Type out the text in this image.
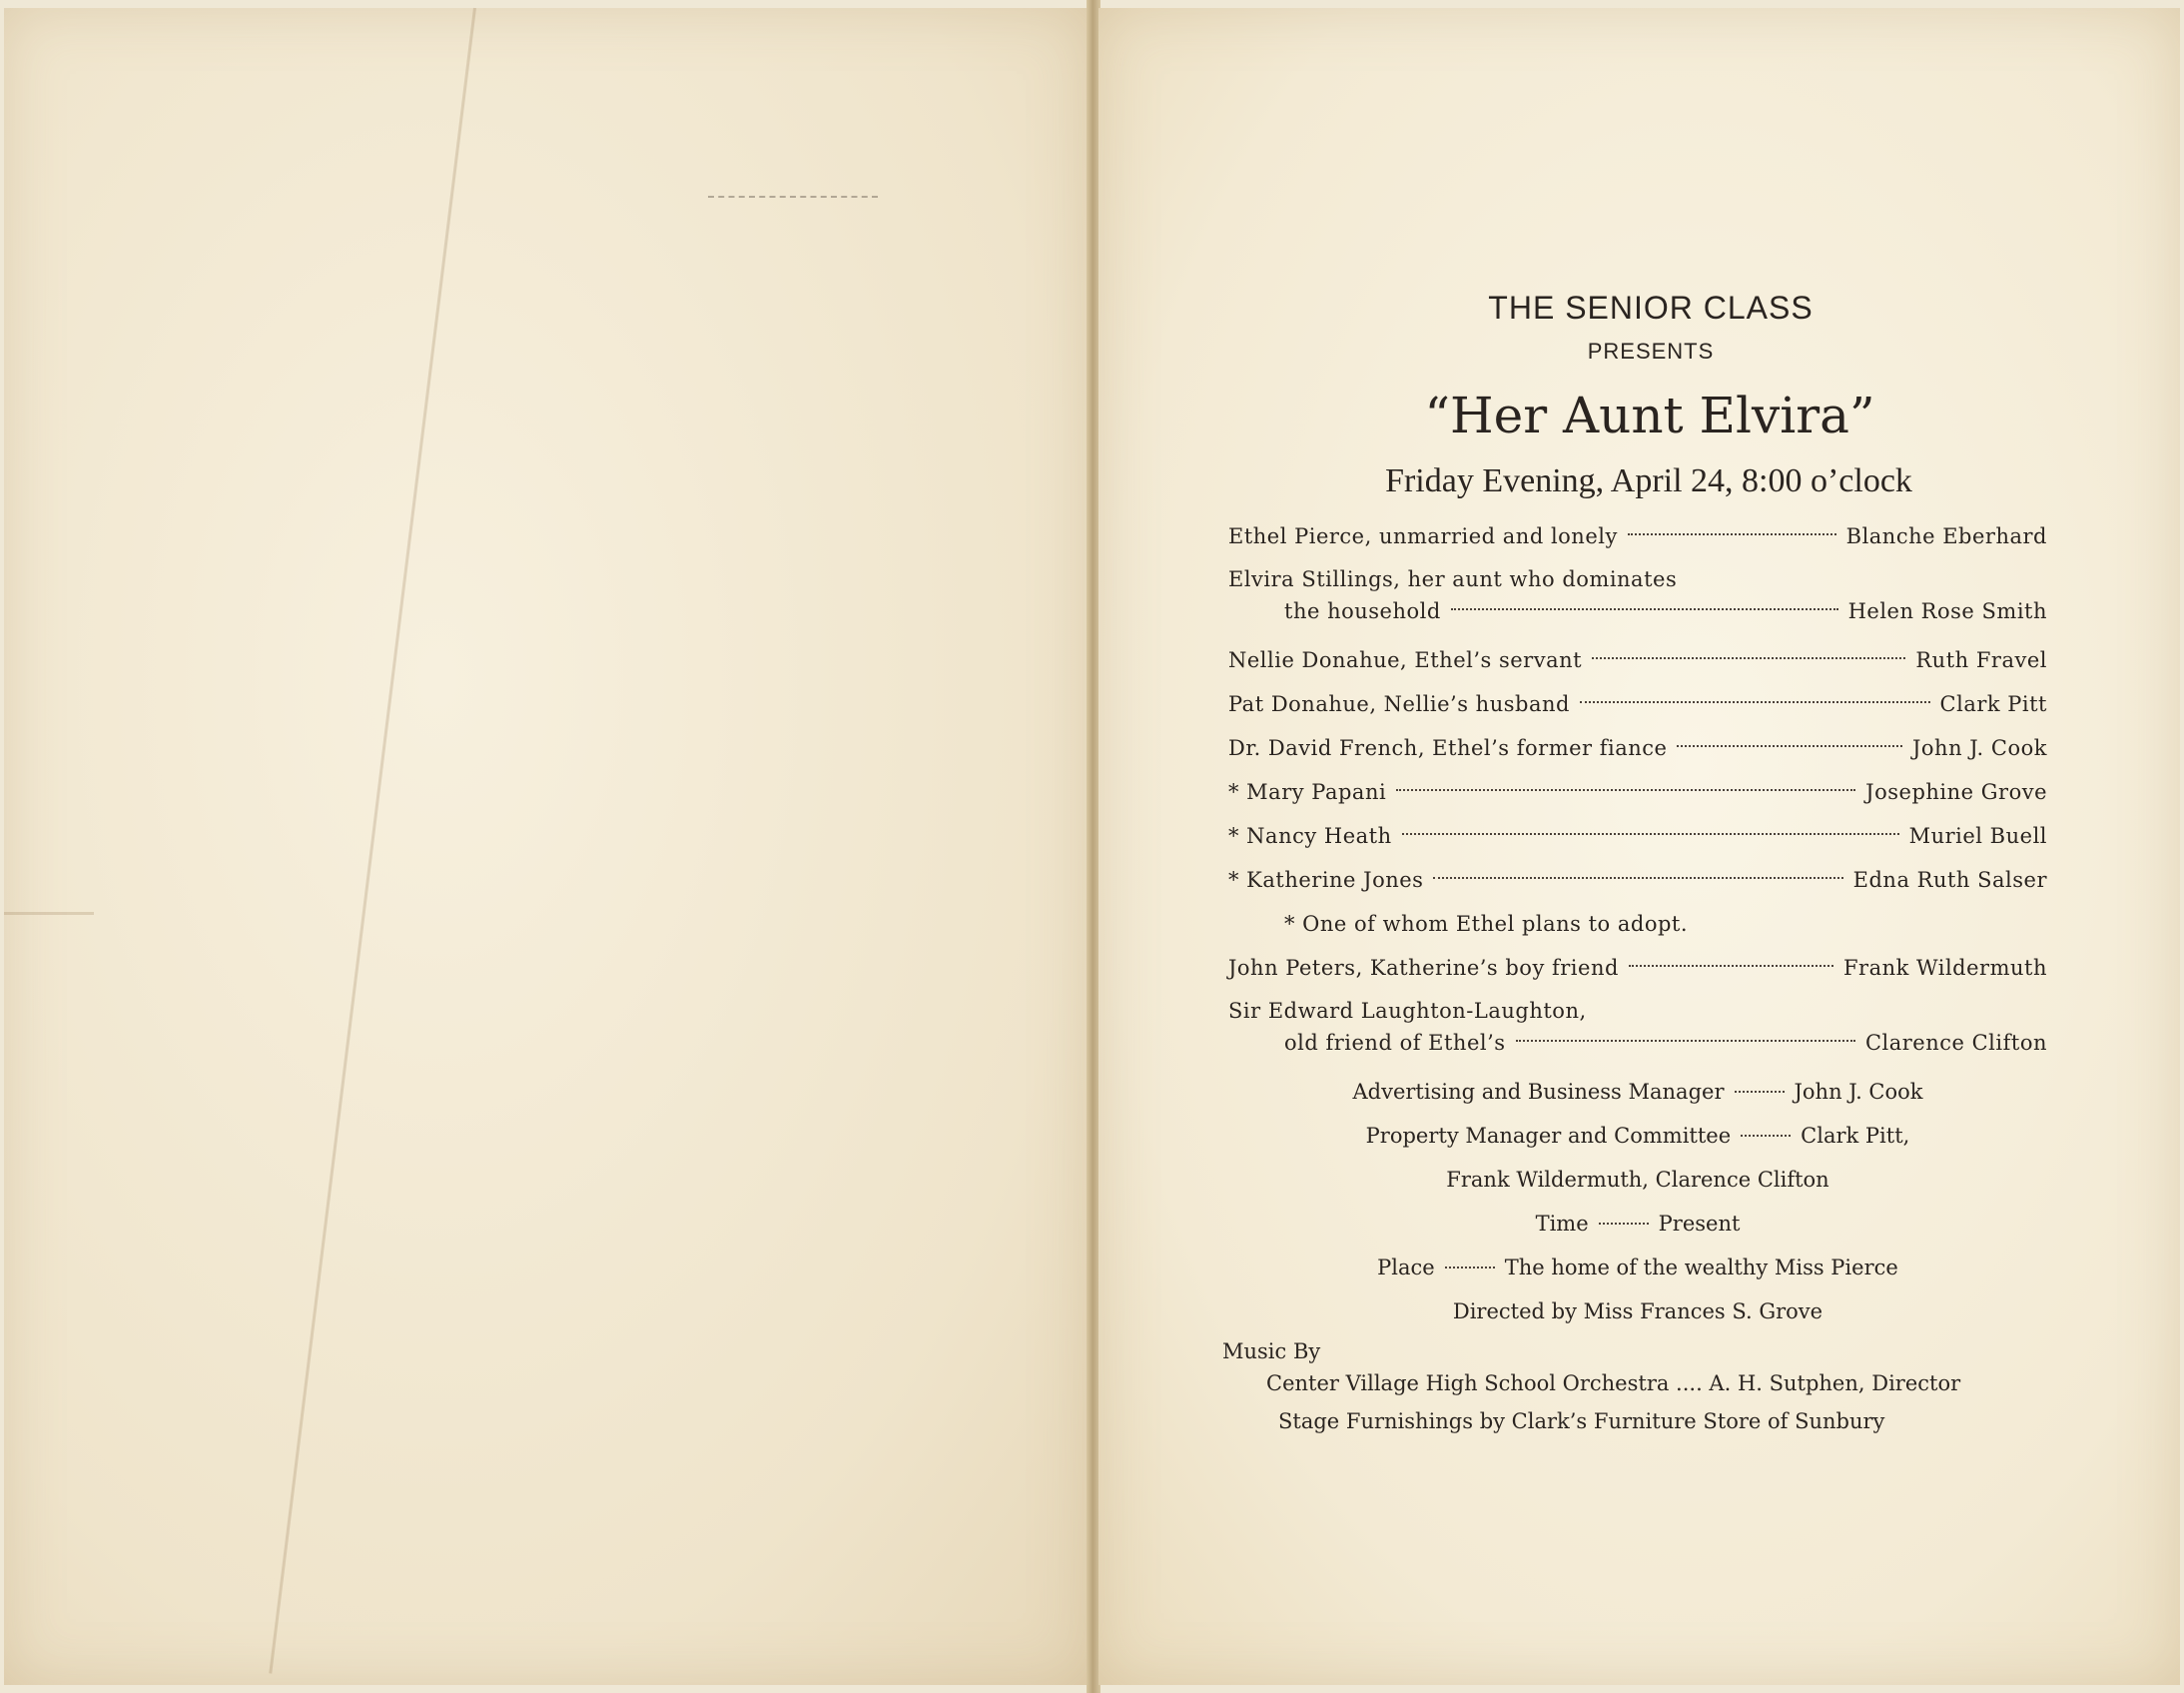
THE SENIOR CLASS
PRESENTS
“Her Aunt Elvira”
Friday Evening, April 24, 8:00 o’clock
Ethel Pierce, unmarried and lonely	Blanche Eberhard
Elvira Stillings, her aunt who dominates
the household	Helen Rose Smith
Nellie Donahue, Ethel’s servant	Ruth Fravel
Pat Donahue, Nellie’s husband	Clark Pitt
Dr. David French, Ethel’s former fiance	John J. Cook
* Mary Papani	Josephine Grove
* Nancy Heath	Muriel Buell
* Katherine Jones	Edna Ruth Salser
* One of whom Ethel plans to adopt.
John Peters, Katherine’s boy friend	Frank Wildermuth
Sir Edward Laughton-Laughton,
old friend of Ethel’s	Clarence Clifton
Advertising and Business Manager	John J. Cook
Property Manager and Committee	Clark Pitt,
Frank Wildermuth, Clarence Clifton
Time	Present
Place	The home of the wealthy Miss Pierce
Directed by Miss Frances S. Grove
Music By
Center Village High School Orchestra .... A. H. Sutphen, Director
Stage Furnishings by Clark’s Furniture Store of Sunbury
